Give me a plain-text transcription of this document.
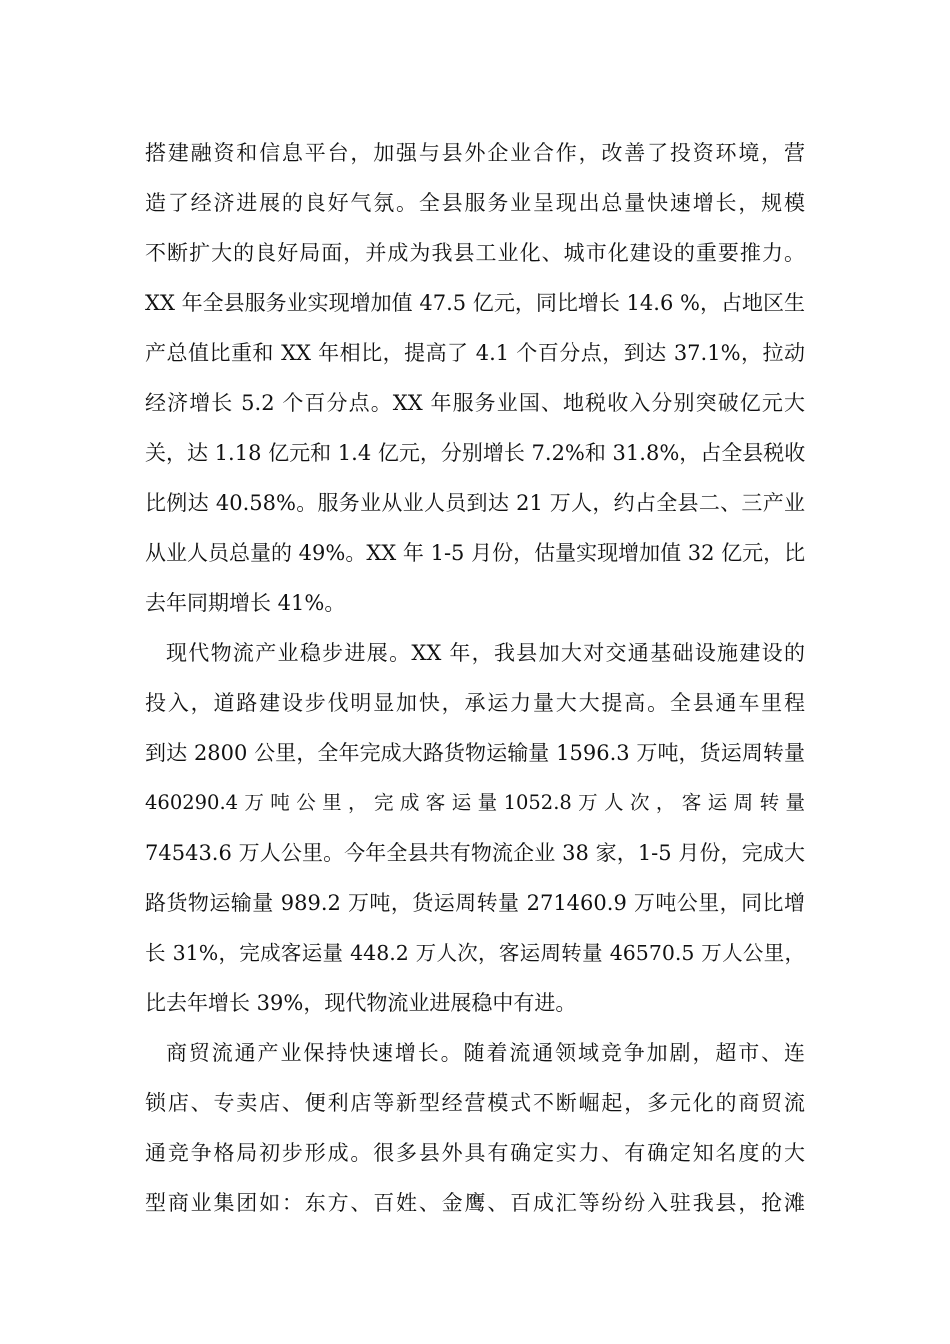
搭建融资和信息平台，加强与县外企业合作，改善了投资环境，营
造了经济进展的良好气氛。全县服务业呈现出总量快速增长，规模
不断扩大的良好局面，并成为我县工业化、城市化建设的重要推力。
XX 年全县服务业实现增加值 47.5 亿元，同比增长 14.6 %，占地区生
产总值比重和 XX 年相比，提高了 4.1 个百分点，到达 37.1%，拉动
经济增长 5.2 个百分点。XX 年服务业国、地税收入分别突破亿元大
关，达 1.18 亿元和 1.4 亿元，分别增长 7.2%和 31.8%，占全县税收
比例达 40.58%。服务业从业人员到达 21 万人，约占全县二、三产业
从业人员总量的 49%。XX 年 1-5 月份，估量实现增加值 32 亿元，比
去年同期增长 41%。
现代物流产业稳步进展。XX 年，我县加大对交通基础设施建设的
投入，道路建设步伐明显加快，承运力量大大提高。全县通车里程
到达 2800 公里，全年完成大路货物运输量 1596.3 万吨，货运周转量
460290.4 万 吨 公 里 ， 完 成 客 运 量 1052.8 万 人 次 ， 客 运 周 转 量
74543.6 万人公里。今年全县共有物流企业 38 家，1-5 月份，完成大
路货物运输量 989.2 万吨，货运周转量 271460.9 万吨公里，同比增
长 31%，完成客运量 448.2 万人次，客运周转量 46570.5 万人公里，
比去年增长 39%，现代物流业进展稳中有进。
商贸流通产业保持快速增长。随着流通领域竞争加剧，超市、连
锁店、专卖店、便利店等新型经营模式不断崛起，多元化的商贸流
通竞争格局初步形成。很多县外具有确定实力、有确定知名度的大
型商业集团如：东方、百姓、金鹰、百成汇等纷纷入驻我县，抢滩
